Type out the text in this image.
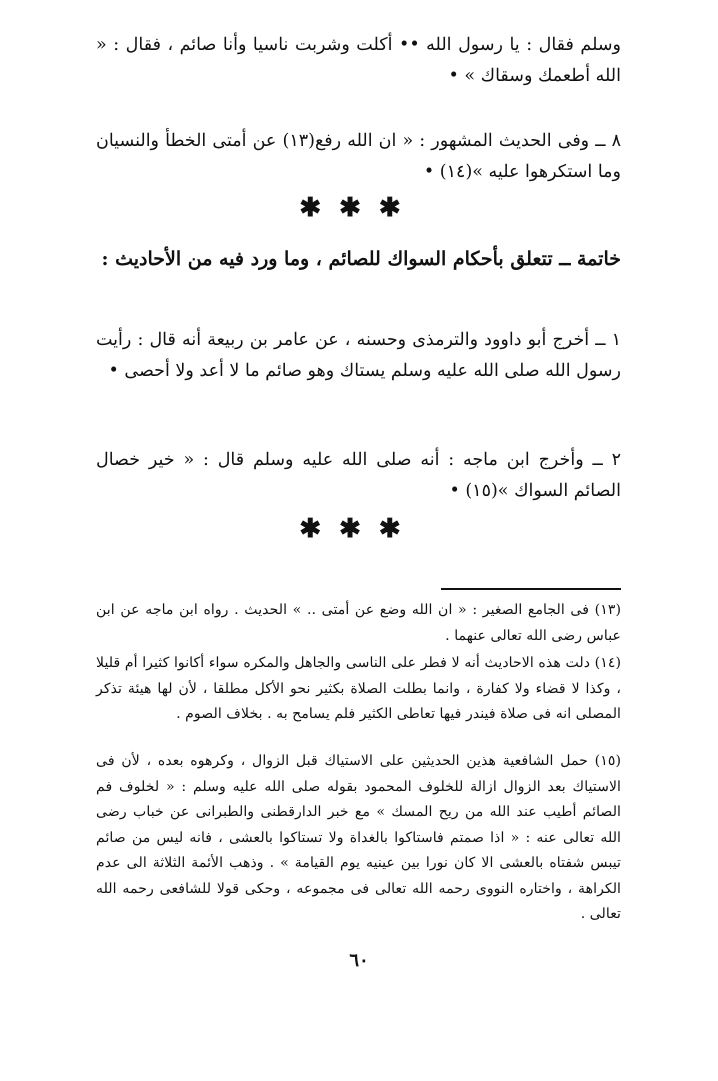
وسلم فقال : يا رسول الله •• أكلت وشربت ناسيا وأنا صائم ، فقال : « الله أطعمك وسقاك » •

٨ ــ وفى الحديث المشهور : « ان الله رفع(١٣) عن أمتى الخطأ والنسيان وما استكرهوا عليه »(١٤) •

✱✱✱

خاتمة ــ تتعلق بأحكام السواك للصائم ، وما ورد فيه من الأحاديث :

١ ــ أخرج أبو داوود والترمذى وحسنه ، عن عامر بن ربيعة أنه قال : رأيت رسول الله صلى الله عليه وسلم يستاك وهو صائم ما لا أعد ولا أحصى •

٢ ــ وأخرج ابن ماجه : أنه صلى الله عليه وسلم قال : « خير خصال الصائم السواك »(١٥) •

✱✱✱

(١٣) فى الجامع الصغير : « ان الله وضع عن أمتى .. » الحديث . رواه ابن ماجه عن ابن عباس رضى الله تعالى عنهما .

(١٤) دلت هذه الاحاديث أنه لا فطر على الناسى والجاهل والمكره سواء أكانوا كثيرا أم قليلا ، وكذا لا قضاء ولا كفارة ، وانما بطلت الصلاة بكثير نحو الأكل مطلقا ، لأن لها هيئة تذكر المصلى انه فى صلاة فيندر فيها تعاطى الكثير فلم يسامح به . بخلاف الصوم .

(١٥) حمل الشافعية هذين الحديثين على الاستياك قبل الزوال ، وكرهوه بعده ، لأن فى الاستياك بعد الزوال ازالة للخلوف المحمود بقوله صلى الله عليه وسلم : « لخلوف فم الصائم أطيب عند الله من ريح المسك » مع خبر الدارقطنى والطبرانى عن خباب رضى الله تعالى عنه : « اذا صمتم فاستاكوا بالغداة ولا تستاكوا بالعشى ، فانه ليس من صائم تيبس شفتاه بالعشى الا كان نورا بين عينيه يوم القيامة » . وذهب الأئمة الثلاثة الى عدم الكراهة ، واختاره النووى رحمه الله تعالى فى مجموعه ، وحكى قولا للشافعى رحمه الله تعالى .

٦٠
